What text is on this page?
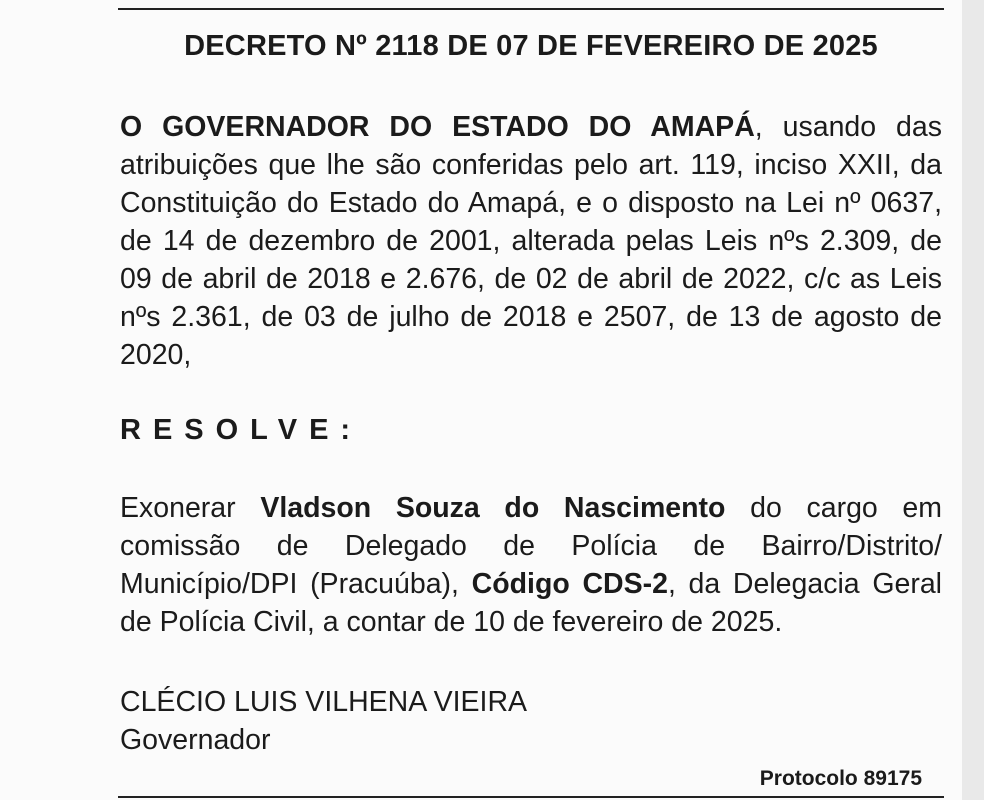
DECRETO Nº 2118 DE 07 DE FEVEREIRO DE 2025
O GOVERNADOR DO ESTADO DO AMAPÁ, usando das atribuições que lhe são conferidas pelo art. 119, inciso XXII, da Constituição do Estado do Amapá, e o disposto na Lei nº 0637, de 14 de dezembro de 2001, alterada pelas Leis nºs 2.309, de 09 de abril de 2018 e 2.676, de 02 de abril de 2022, c/c as Leis nºs 2.361, de 03 de julho de 2018 e 2507, de 13 de agosto de 2020,
RESOLVE:
Exonerar Vladson Souza do Nascimento do cargo em comissão de Delegado de Polícia de Bairro/Distrito/ Município/DPI (Pracuúba), Código CDS-2, da Delegacia Geral de Polícia Civil, a contar de 10 de fevereiro de 2025.
CLÉCIO LUIS VILHENA VIEIRA
Governador
Protocolo 89175
